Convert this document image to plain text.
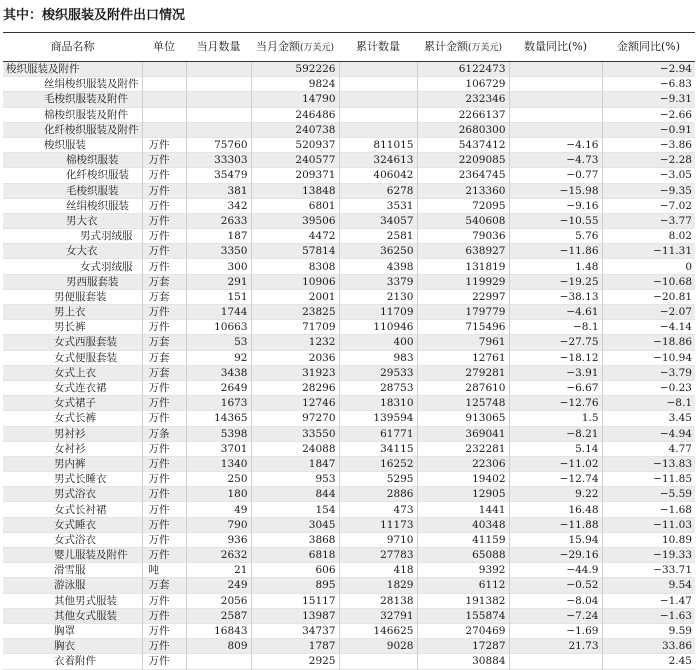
其中：梭织服装及附件出口情况
商品名称	单位	当月数量	当月金额(万美元)	累计数量	累计金额(万美元)	数量同比(%)	金额同比(%)
梭织服装及附件			592226		6122473		−2.94
丝绢梭织服装及附件			9824		106729		−6.83
毛梭织服装及附件			14790		232346		−9.31
棉梭织服装及附件			246486		2266137		−2.66
化纤梭织服装及附件			240738		2680300		−0.91
梭织服装	万件	75760	520937	811015	5437412	−4.16	−3.86
棉梭织服装	万件	33303	240577	324613	2209085	−4.73	−2.28
化纤梭织服装	万件	35479	209371	406042	2364745	−0.77	−3.05
毛梭织服装	万件	381	13848	6278	213360	−15.98	−9.35
丝绢梭织服装	万件	342	6801	3531	72095	−9.16	−7.02
男大衣	万件	2633	39506	34057	540608	−10.55	−3.77
男式羽绒服	万件	187	4472	2581	79036	5.76	8.02
女大衣	万件	3350	57814	36250	638927	−11.86	−11.31
女式羽绒服	万件	300	8308	4398	131819	1.48	0
男西服套装	万套	291	10906	3379	119929	−19.25	−10.68
男便服套装	万套	151	2001	2130	22997	−38.13	−20.81
男上衣	万件	1744	23825	11709	179779	−4.61	−2.07
男长裤	万件	10663	71709	110946	715496	−8.1	−4.14
女式西服套装	万套	53	1232	400	7961	−27.75	−18.86
女式便服套装	万套	92	2036	983	12761	−18.12	−10.94
女式上衣	万套	3438	31923	29533	279281	−3.91	−3.79
女式连衣裙	万件	2649	28296	28753	287610	−6.67	−0.23
女式裙子	万件	1673	12746	18310	125748	−12.76	−8.1
女式长裤	万件	14365	97270	139594	913065	1.5	3.45
男衬衫	万条	5398	33550	61771	369041	−8.21	−4.94
女衬衫	万件	3701	24088	34115	232281	5.14	4.77
男内裤	万件	1340	1847	16252	22306	−11.02	−13.83
男式长睡衣	万件	250	953	5295	19402	−12.74	−11.85
男式浴衣	万件	180	844	2886	12905	9.22	−5.59
女式长衬裙	万件	49	154	473	1441	16.48	−1.68
女式睡衣	万件	790	3045	11173	40348	−11.88	−11.03
女式浴衣	万件	936	3868	9710	41159	15.94	10.89
婴儿服装及附件	万件	2632	6818	27783	65088	−29.16	−19.33
滑雪服	吨	21	606	418	9392	−44.9	−33.71
游泳服	万套	249	895	1829	6112	−0.52	9.54
其他男式服装	万件	2056	15117	28138	191382	−8.04	−1.47
其他女式服装	万件	2587	13987	32791	155874	−7.24	−1.63
胸罩	万件	16843	34737	146625	270469	−1.69	9.59
胸衣	万件	809	1787	9028	17287	21.73	33.86
衣着附件	万件		2925		30884		2.45
